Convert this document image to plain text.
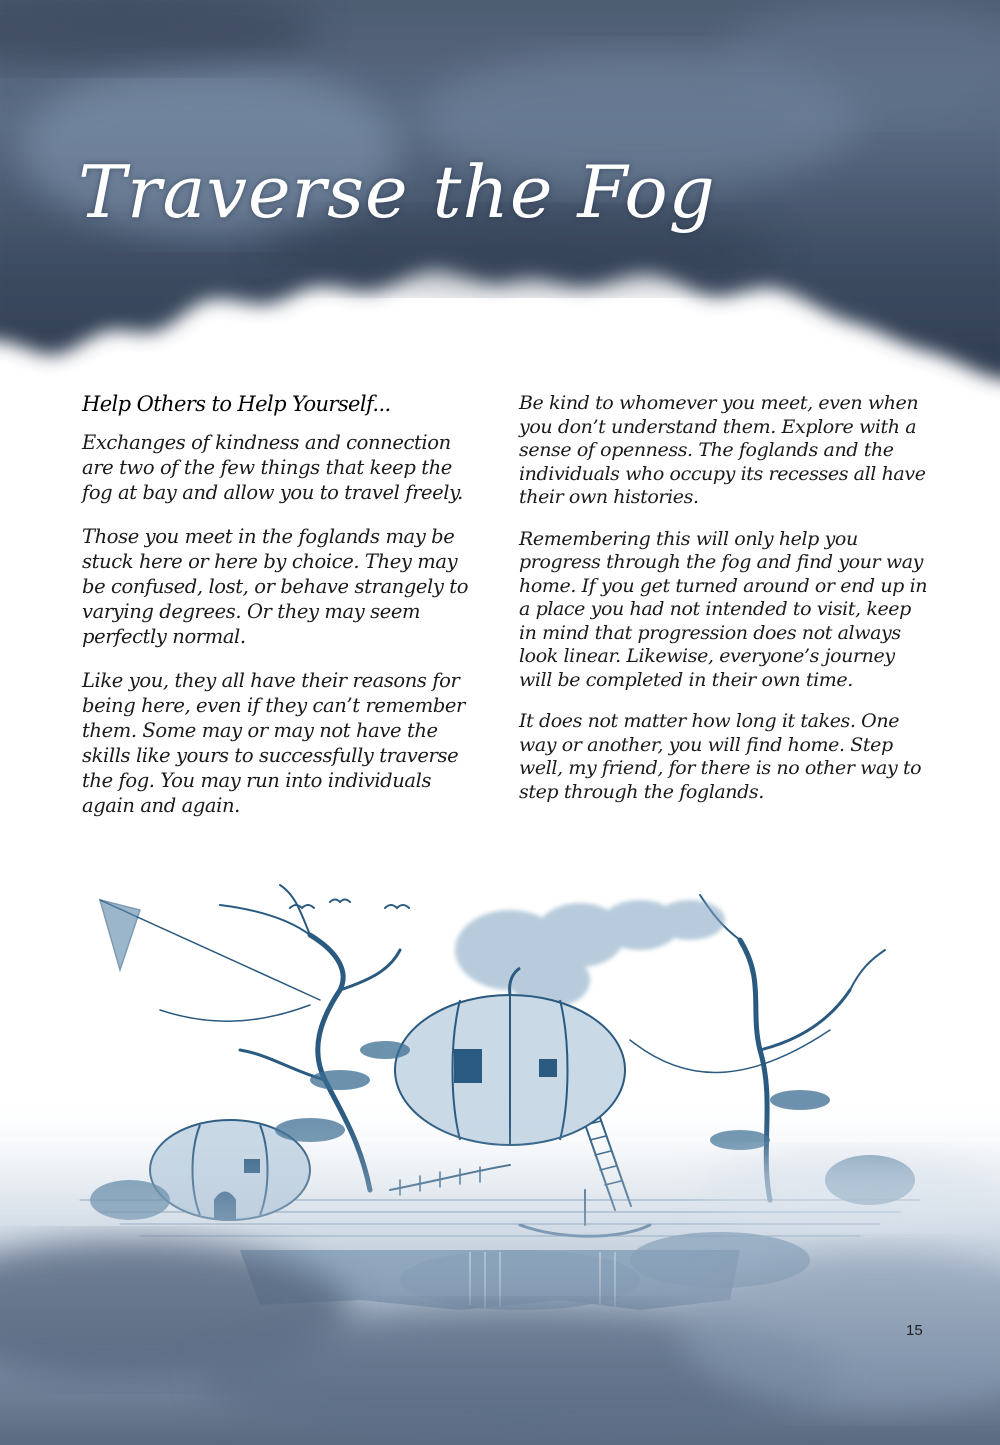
Traverse the Fog
Help Others to Help Yourself...

Exchanges of kindness and connection are two of the few things that keep the fog at bay and allow you to travel freely.

Those you meet in the foglands may be stuck here or here by choice. They may be confused, lost, or behave strangely to varying degrees. Or they may seem perfectly normal.

Like you, they all have their reasons for being here, even if they can’t remember them. Some may or may not have the skills like yours to successfully traverse the fog. You may run into individuals again and again.

Be kind to whomever you meet, even when you don’t understand them. Explore with a sense of openness. The foglands and the individuals who occupy its recesses all have their own histories.

Remembering this will only help you progress through the fog and find your way home. If you get turned around or end up in a place you had not intended to visit, keep in mind that progression does not always look linear. Likewise, everyone’s journey will be completed in their own time.

It does not matter how long it takes. One way or another, you will find home. Step well, my friend, for there is no other way to step through the foglands.

15
